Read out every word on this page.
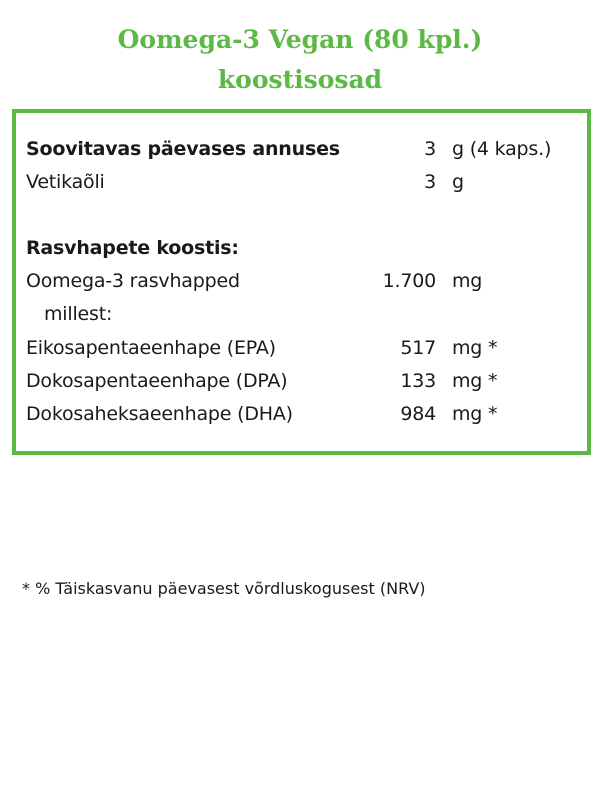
Oomega-3 Vegan (80 kpl.)
koostisosad
Soovitavas päevases annuses	3 g (4 kaps.)
Vetikaõli	3 g
Rasvhapete koostis:
Oomega-3 rasvhapped	1.700 mg
millest:
Eikosapentaeenhape (EPA)	517 mg *
Dokosapentaeenhape (DPA)	133 mg *
Dokosaheksaeenhape (DHA)	984 mg *
* % Täiskasvanu päevasest võrdluskogusest (NRV)
